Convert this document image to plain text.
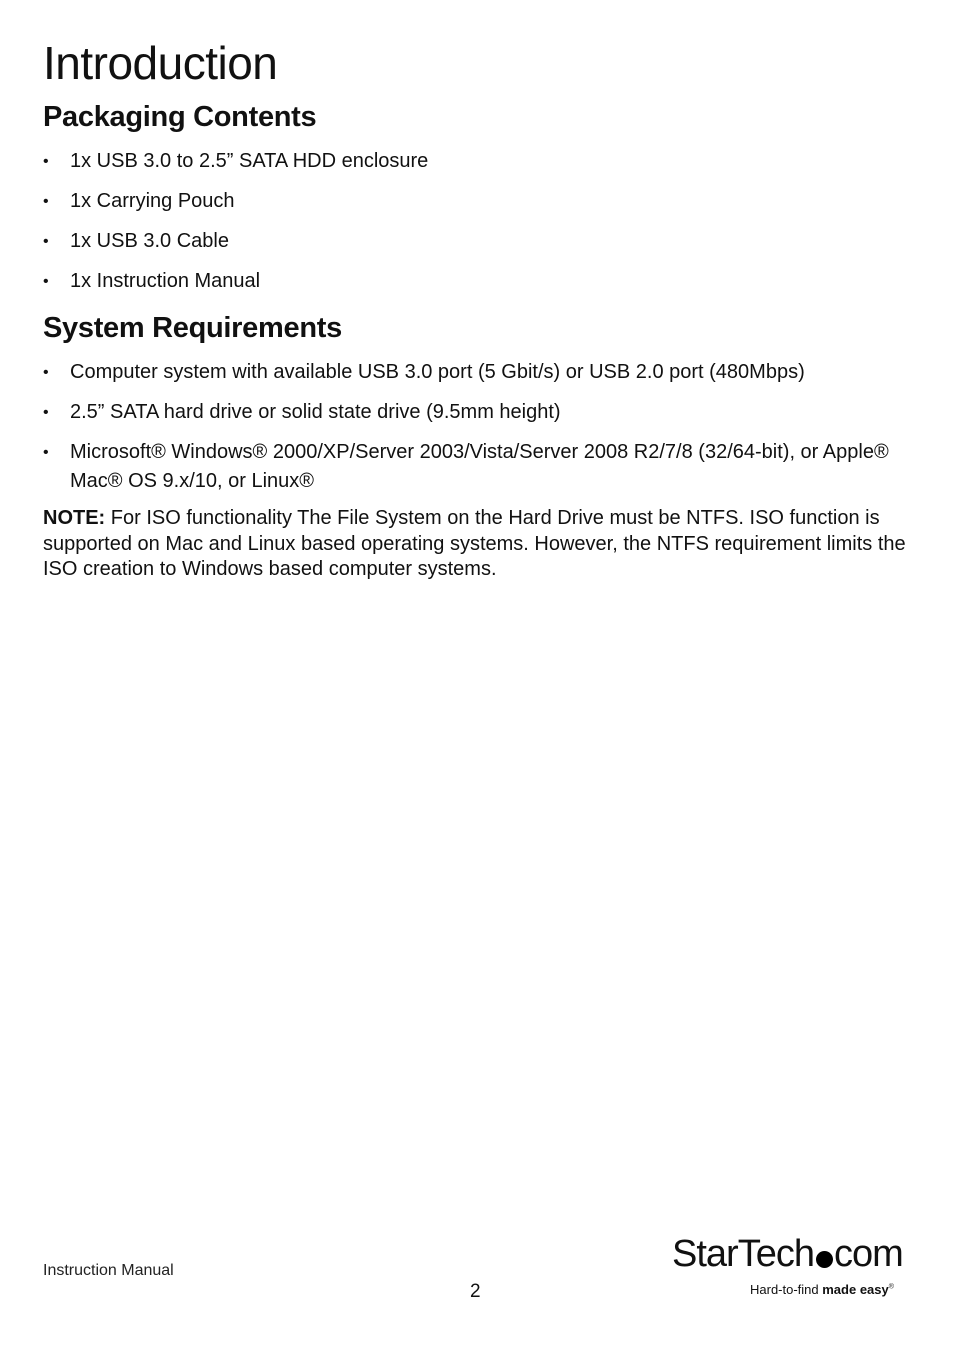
Introduction
Packaging Contents
• 1x USB 3.0 to 2.5” SATA HDD enclosure
• 1x Carrying Pouch
• 1x USB 3.0 Cable
• 1x Instruction Manual
System Requirements
• Computer system with available USB 3.0 port (5 Gbit/s) or USB 2.0 port (480Mbps)
• 2.5” SATA hard drive or solid state drive (9.5mm height)
• Microsoft® Windows® 2000/XP/Server 2003/Vista/Server 2008 R2/7/8 (32/64-bit), or Apple® Mac® OS 9.x/10, or Linux®

NOTE: For ISO functionality The File System on the Hard Drive must be NTFS. ISO function is supported on Mac and Linux based operating systems. However, the NTFS requirement limits the ISO creation to Windows based computer systems.

Instruction Manual
2
StarTech com
Hard-to-find made easy®
